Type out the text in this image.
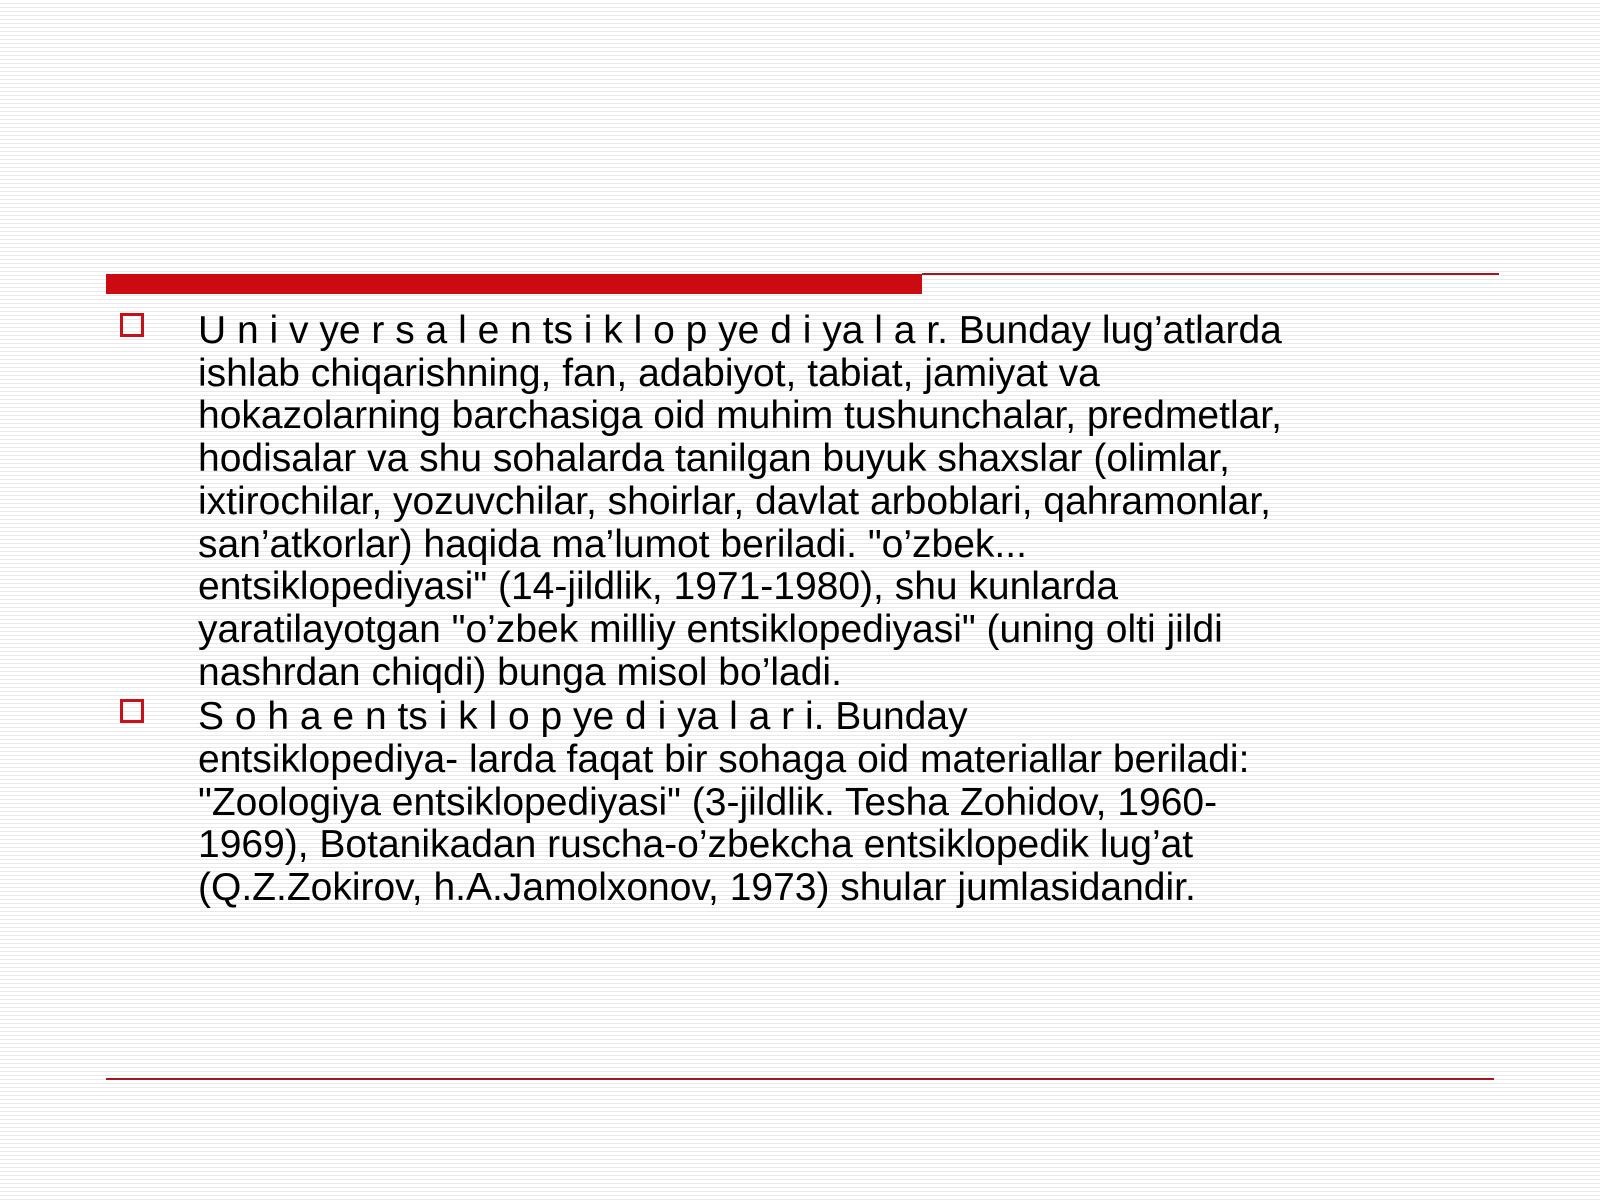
U n i v ye r s a l e n ts i k l o p ye d i ya l a r. Bunday lug’atlarda
ishlab chiqarishning, fan, adabiyot, tabiat, jamiyat va
hokazolarning barchasiga oid muhim tushunchalar, predmetlar,
hodisalar va shu sohalarda tanilgan buyuk shaxslar (olimlar,
ixtirochilar, yozuvchilar, shoirlar, davlat arboblari, qahramonlar,
san’atkorlar) haqida ma’lumot beriladi. "o’zbek...
entsiklopediyasi" (14-jildlik, 1971-1980), shu kunlarda
yaratilayotgan "o’zbek milliy entsiklopediyasi" (uning olti jildi
nashrdan chiqdi) bunga misol bo’ladi.
S o h a e n ts i k l o p ye d i ya l a r i. Bunday
entsiklopediya- larda faqat bir sohaga oid materiallar beriladi:
"Zoologiya entsiklopediyasi" (3-jildlik. Tesha Zohidov, 1960-
1969), Botanikadan ruscha-o’zbekcha entsiklopedik lug’at
(Q.Z.Zokirov, h.A.Jamolxonov, 1973) shular jumlasidandir.
